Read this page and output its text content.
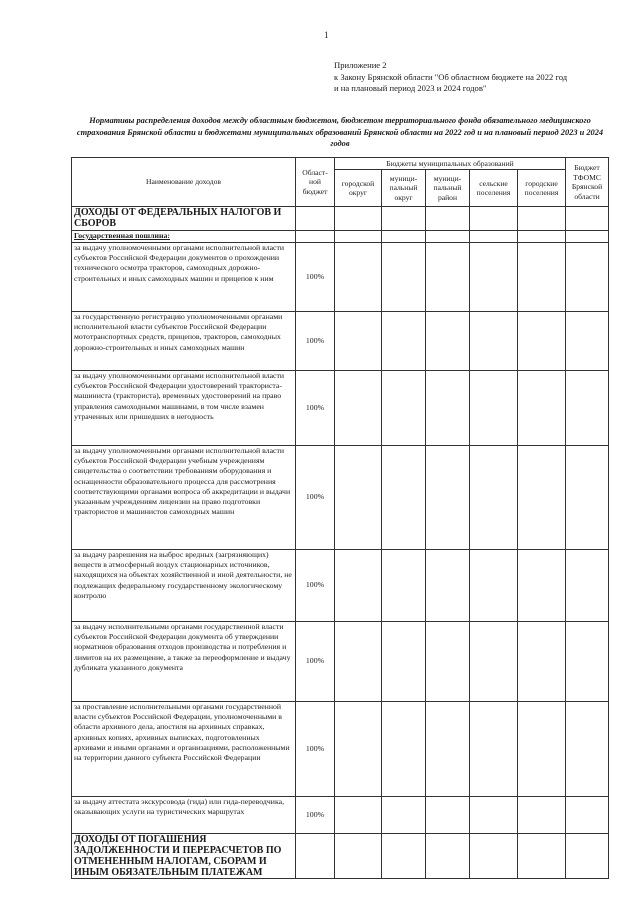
1
Приложение 2
к Закону Брянской области "Об областном бюджете на 2022 год
и на плановый период 2023 и 2024 годов"
Нормативы распределения доходов между областным бюджетом, бюджетом территориального фонда обязательного медицинского страхования Брянской области и бюджетами муниципальных образований Брянской области на 2022 год и на плановый период 2023 и 2024 годов
Наименование доходов	Област-ной бюджет	Бюджеты муниципальных образований					Бюджет ТФОМС Брянской области
		городской округ	муници-пальный округ	муници-пальный район	сельские поселения	городские поселения	
ДОХОДЫ ОТ ФЕДЕРАЛЬНЫХ НАЛОГОВ И СБОРОВ							
Государственная пошлина:							
за выдачу уполномоченными органами исполнительной власти субъектов Российской Федерации документов о прохождении технического осмотра тракторов, самоходных дорожно-строительных и иных самоходных машин и прицепов к ним	100%						
за государственную регистрацию уполномоченными органами исполнительной власти субъектов Российской Федерации мототранспортных средств, прицепов, тракторов, самоходных дорожно-строительных и иных самоходных машин	100%						
за выдачу уполномоченными органами исполнительной власти субъектов Российской Федерации удостоверений тракториста-машиниста (тракториста), временных удостоверений на право управления самоходными машинами, в том числе взамен утраченных или пришедших в негодность	100%						
за выдачу уполномоченными органами исполнительной власти субъектов Российской Федерации учебным учреждениям свидетельства о соответствии требованиям оборудования и оснащенности образовательного процесса для рассмотрения соответствующими органами вопроса об аккредитации и выдачи указанным учреждениям лицензии на право подготовки трактористов и машинистов самоходных машин	100%						
за выдачу разрешения на выброс вредных (загрязняющих) веществ в атмосферный воздух стационарных источников, находящихся на объектах хозяйственной и иной деятельности, не подлежащих федеральному государственному экологическому контролю	100%						
за выдачу исполнительными органами государственной власти субъектов Российской Федерации документа об утверждении нормативов образования отходов производства и потребления и лимитов на их размещение, а также за переоформление и выдачу дубликата указанного документа	100%						
за проставление исполнительными органами государственной власти субъектов Российской Федерации, уполномоченными в области архивного дела, апостиля на архивных справках, архивных копиях, архивных выписках, подготовленных архивами и иными органами и организациями, расположенными на территории данного субъекта Российской Федерации	100%						
за выдачу аттестата экскурсовода (гида) или гида-переводчика, оказывающих услуги на туристических маршрутах	100%						
ДОХОДЫ ОТ ПОГАШЕНИЯ ЗАДОЛЖЕННОСТИ И ПЕРЕРАСЧЕТОВ ПО ОТМЕНЕННЫМ НАЛОГАМ, СБОРАМ И ИНЫМ ОБЯЗАТЕЛЬНЫМ ПЛАТЕЖАМ							
